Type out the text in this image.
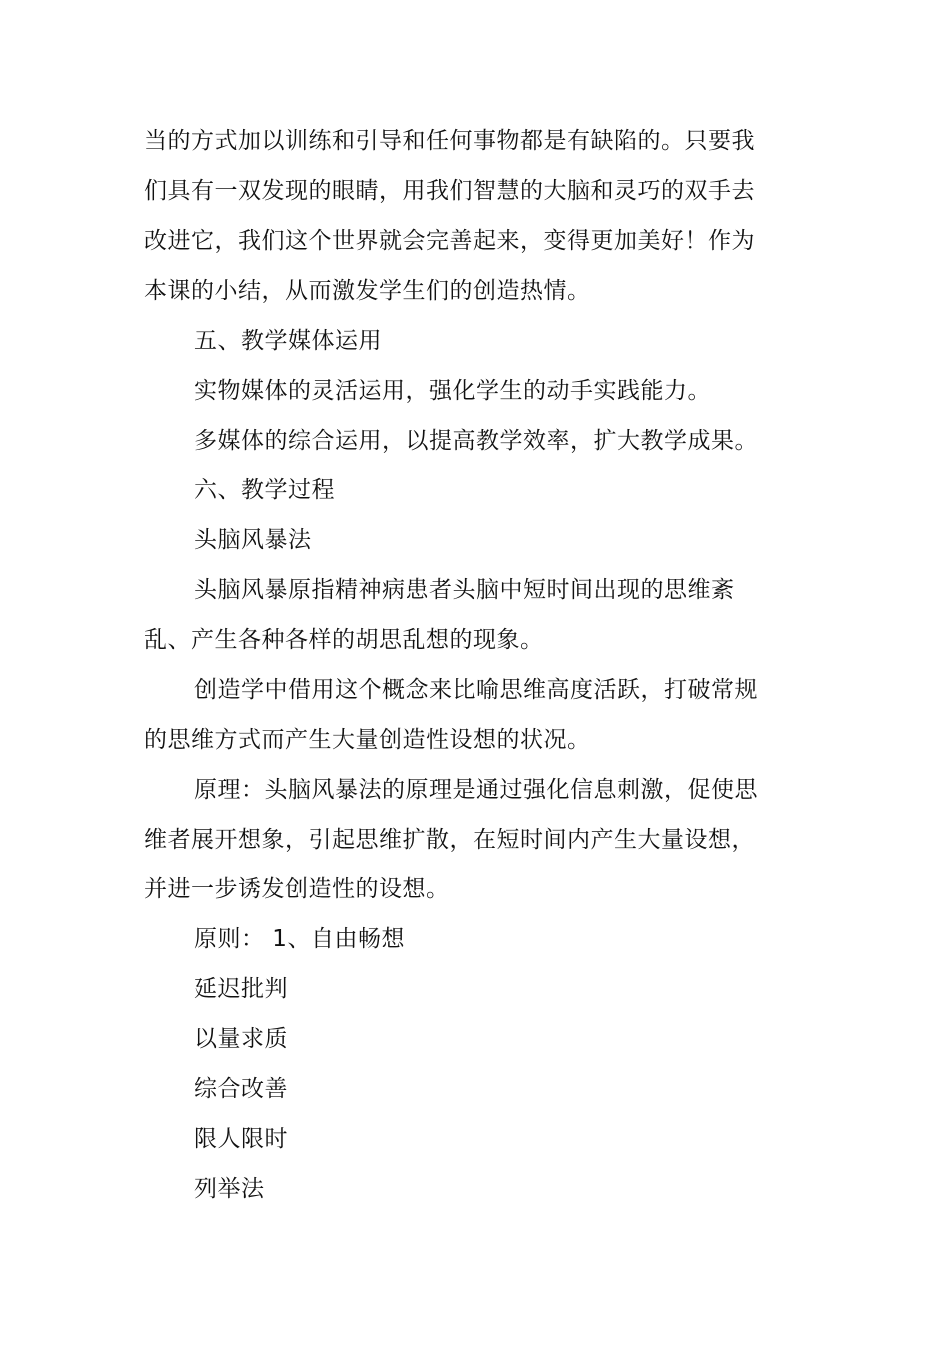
当的方式加以训练和引导和任何事物都是有缺陷的。只要我
们具有一双发现的眼睛，用我们智慧的大脑和灵巧的双手去
改进它，我们这个世界就会完善起来，变得更加美好！作为
本课的小结，从而激发学生们的创造热情。
五、教学媒体运用
实物媒体的灵活运用，强化学生的动手实践能力。
多媒体的综合运用，以提高教学效率，扩大教学成果。
六、教学过程
头脑风暴法
头脑风暴原指精神病患者头脑中短时间出现的思维紊
乱、产生各种各样的胡思乱想的现象。
创造学中借用这个概念来比喻思维高度活跃，打破常规
的思维方式而产生大量创造性设想的状况。
原理：头脑风暴法的原理是通过强化信息刺激，促使思
维者展开想象，引起思维扩散，在短时间内产生大量设想，
并进一步诱发创造性的设想。
原则： 1、自由畅想
延迟批判
以量求质
综合改善
限人限时
列举法
